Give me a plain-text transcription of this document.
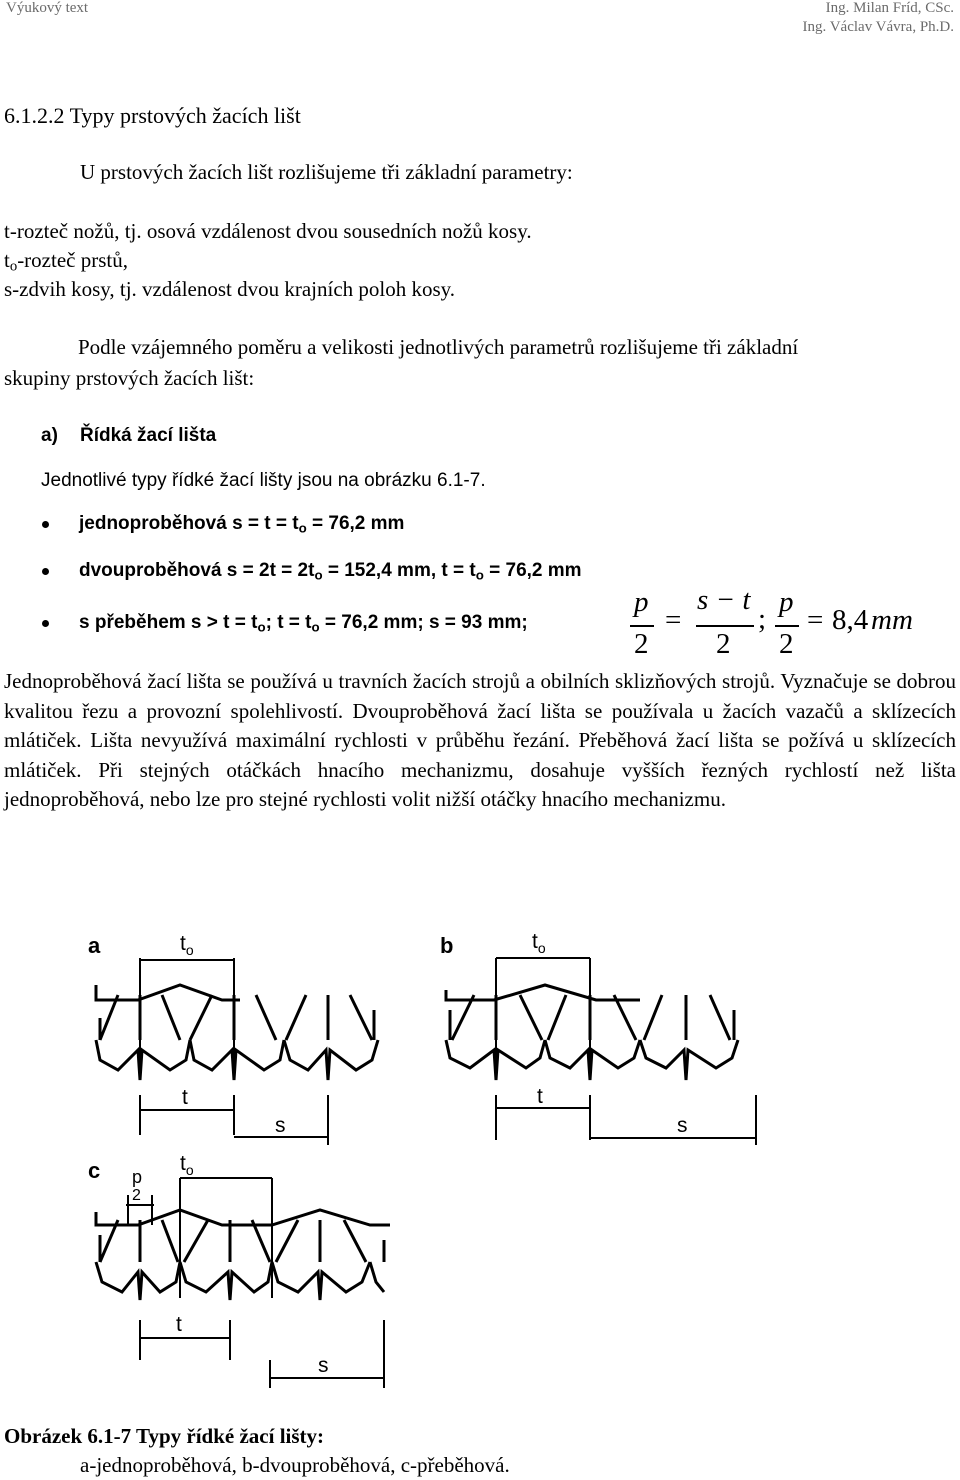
Výukový text	Ing. Milan Fríd, CSc.
Ing. Václav Vávra, Ph.D.
6.1.2.2 Typy prstových žacích lišt
U prstových žacích lišt rozlišujeme tři základní parametry:
t-rozteč nožů, tj. osová vzdálenost dvou sousedních nožů kosy.
$t_o$-rozteč prstů,
s-zdvih kosy, tj. vzdálenost dvou krajních poloh kosy.
Podle vzájemného poměru a velikosti jednotlivých parametrů rozlišujeme tři základní
skupiny prstových žacích lišt:
a) Řídká žací lišta
Jednotlivé typy řídké žací lišty jsou na obrázku 6.1-7.
jednoproběhová $s = t = t_o = 76,2$ mm
dvouproběhová $s = 2t = 2t_o = 152,4$ mm, $t = t_o = 76,2$ mm
s přeběhem $s > t = t_o$; $t = t_o = 76,2$ mm; s = 93 mm;
p
2
=
s − t
2
;
p
2
= 8,4 mm
Jednoproběhová žací lišta se používá u travních žacích strojů a obilních sklizňových strojů. Vyznačuje se dobrou kvalitou řezu a provozní spolehlivostí. Dvouproběhová žací lišta se používala u žacích vazačů a sklízecích mlátiček. Lišta nevyužívá maximální rychlosti v průběhu řezání. Přeběhová žací lišta se požívá u sklízecích mlátiček. Při stejných otáčkách hnacího mechanizmu, dosahuje vyšších řezných rychlostí než lišta jednoproběhová, nebo lze pro stejné rychlosti volit nižší otáčky hnacího mechanizmu.
a	$t_o$
t
s
b	$t_o$
t
s
c	$t_o$
p
2
t
s
Obrázek 6.1-7 Typy řídké žací lišty:
a-jednoproběhová, b-dvouproběhová, c-přeběhová.
